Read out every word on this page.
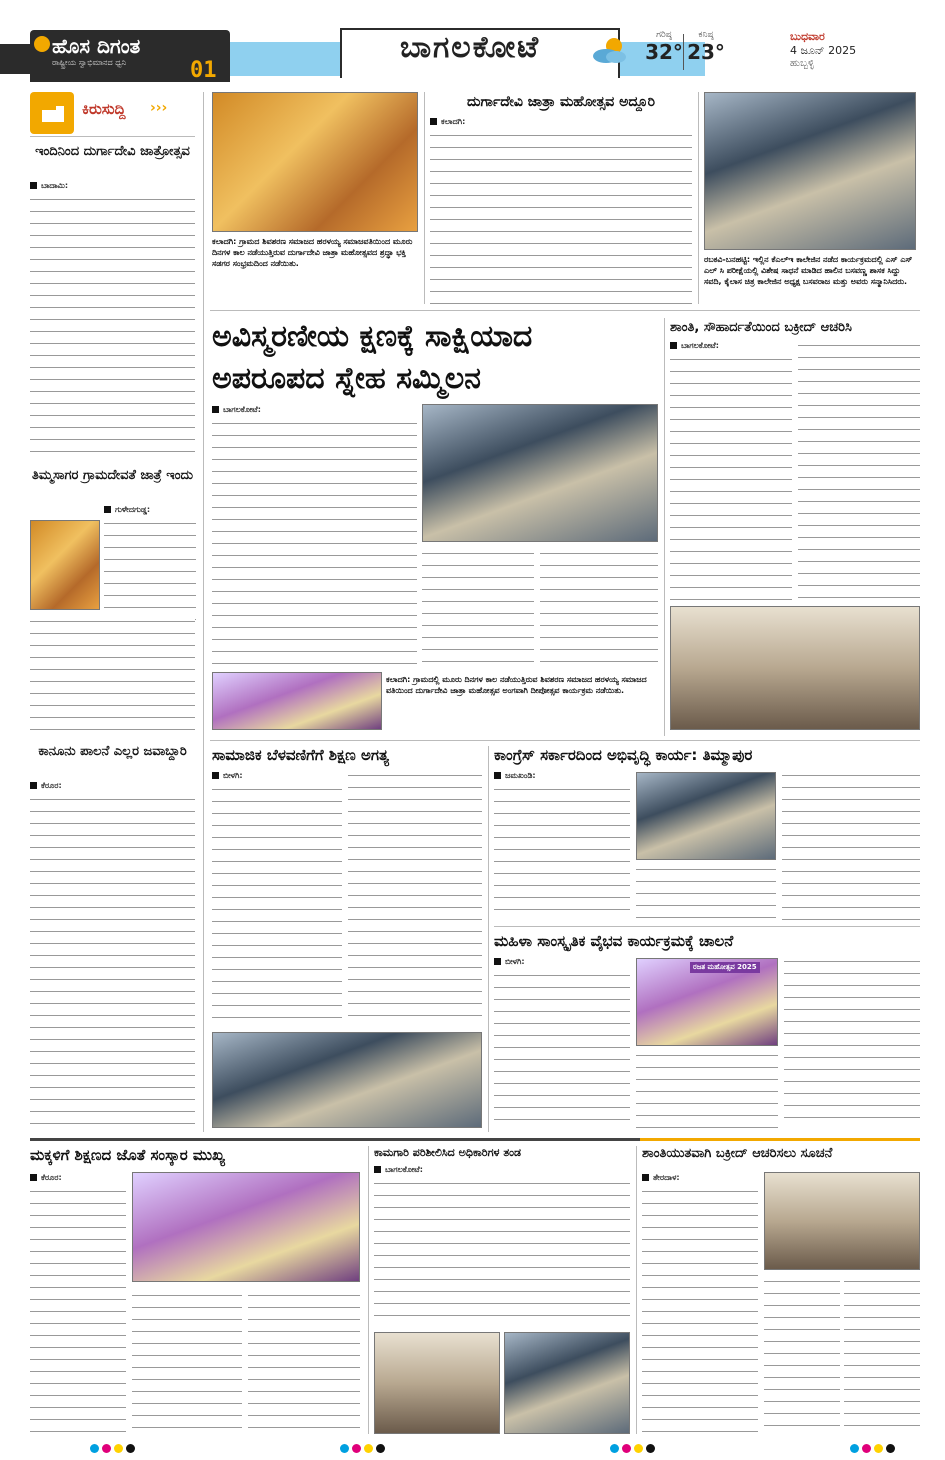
ಹೊಸ ದಿಗಂತ
ರಾಷ್ಟ್ರೀಯ ಸ್ವಾಭಿಮಾನದ ಧ್ವನಿ	01
ಬಾಗಲಕೋಟೆ	ಗರಿಷ್ಠ
32°
ಕನಿಷ್ಠ
23°
ಬುಧವಾರ
4 ಜೂನ್ 2025
ಹುಬ್ಬಳ್ಳಿ
ಕಿರುಸುದ್ದಿ ›››
ಇಂದಿನಿಂದ ದುರ್ಗಾದೇವಿ ಜಾತ್ರೋತ್ಸವ
ಬಾದಾಮಿ:
ತಿಮ್ಮಸಾಗರ ಗ್ರಾಮದೇವತೆ ಜಾತ್ರೆ ಇಂದು
ಗುಳೇದಗುಡ್ಡ:
ಕಾನೂನು ಪಾಲನೆ ಎಲ್ಲರ ಜವಾಬ್ದಾರಿ
ಕೆರೂರ:
ಕಲಾದಗಿ: ಗ್ರಾಮದ ಶಿವಶರಣ ಸಮಾಜದ ಹರಳಯ್ಯ ಸಮಾಜವತಿಯಿಂದ ಮೂರು ದಿನಗಳ ಕಾಲ ನಡೆಯುತ್ತಿರುವ ದುರ್ಗಾದೇವಿ ಜಾತ್ರಾ ಮಹೋತ್ಸವದ ಶ್ರದ್ಧಾ ಭಕ್ತಿ ಸಡಗರ ಸಂಭ್ರಮದಿಂದ ನಡೆಯಿತು.
ದುರ್ಗಾದೇವಿ ಜಾತ್ರಾ ಮಹೋತ್ಸವ ಅದ್ದೂರಿ
ಕಲಾದಗಿ:
ರಬಕವಿ-ಬನಹಟ್ಟಿ: ಇಲ್ಲಿನ ಕೆಎಲ್‌ಇ ಕಾಲೇಜಿನ ನಡೆದ ಕಾರ್ಯಕ್ರಮದಲ್ಲಿ ಎಸ್ ಎಸ್ ಎಲ್ ಸಿ ಪರೀಕ್ಷೆಯಲ್ಲಿ ವಿಶೇಷ ಸಾಧನೆ ಮಾಡಿದ ಹಾಲಿನ ಬಸವಣ್ಣ ಶಾಸಕ ಸಿದ್ದು ಸವದಿ, ಕೈಲಾಸ ಚಿತ್ರ ಕಾಲೇಜಿನ ಅಧ್ಯಕ್ಷ ಬಸವರಾಜ ಮತ್ತು ಅವರು ಸನ್ಮಾನಿಸಿದರು.
ಅವಿಸ್ಮರಣೀಯ ಕ್ಷಣಕ್ಕೆ ಸಾಕ್ಷಿಯಾದ
ಅಪರೂಪದ ಸ್ನೇಹ ಸಮ್ಮಿಲನ
ಬಾಗಲಕೋಟೆ:
ಕಲಾದಗಿ: ಗ್ರಾಮದಲ್ಲಿ ಮೂರು ದಿನಗಳ ಕಾಲ ನಡೆಯುತ್ತಿರುವ ಶಿವಶರಣ ಸಮಾಜದ ಹರಳಯ್ಯ ಸಮಾಜದ ವತಿಯಿಂದ ದುರ್ಗಾದೇವಿ ಜಾತ್ರಾ ಮಹೋತ್ಸವ ಅಂಗವಾಗಿ ದೀಪೋತ್ಸವ ಕಾರ್ಯಕ್ರಮ ನಡೆಯಿತು.
ಶಾಂತಿ, ಸೌಹಾರ್ದತೆಯಿಂದ ಬಕ್ರೀದ್ ಆಚರಿಸಿ
ಬಾಗಲಕೋಟೆ:
ಸಾಮಾಜಿಕ ಬೆಳವಣಿಗೆಗೆ ಶಿಕ್ಷಣ ಅಗತ್ಯ
ಬೀಳಗಿ:
ಕಾಂಗ್ರೆಸ್ ಸರ್ಕಾರದಿಂದ ಅಭಿವೃದ್ಧಿ ಕಾರ್ಯ: ತಿಮ್ಮಾಪುರ
ಜಮಖಂಡಿ:
ಮಹಿಳಾ ಸಾಂಸ್ಕೃತಿಕ ವೈಭವ ಕಾರ್ಯಕ್ರಮಕ್ಕೆ ಚಾಲನೆ
ಬೀಳಗಿ:
ರಜತ ಮಹೋತ್ಸವ 2025
ಮಕ್ಕಳಿಗೆ ಶಿಕ್ಷಣದ ಜೊತೆ ಸಂಸ್ಕಾರ ಮುಖ್ಯ
ಕೆರೂರ:
ಕಾಮಗಾರಿ ಪರಿಶೀಲಿಸಿದ ಅಧಿಕಾರಿಗಳ ತಂಡ
ಬಾಗಲಕೋಟೆ:
ಶಾಂತಿಯುತವಾಗಿ ಬಕ್ರೀದ್ ಆಚರಿಸಲು ಸೂಚನೆ
ತೇರದಾಳ:
